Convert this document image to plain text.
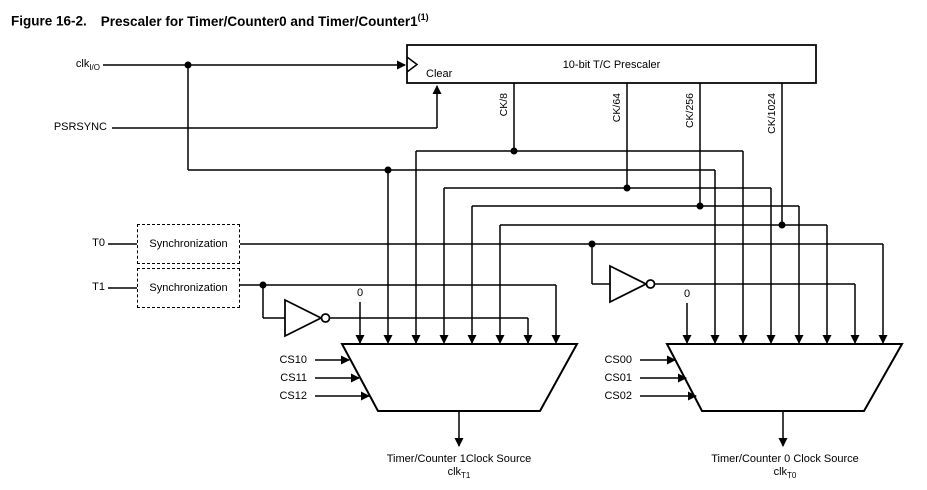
Figure 16-2. Prescaler for Timer/Counter0 and Timer/Counter1$^{(1)}$
clk$_{I/O}$
PSRSYNC
T0
T1
Synchronization
Synchronization
10-bit T/C Prescaler
Clear
CK/8	CK/64	CK/256	CK/1024
0	0
CS10
CS11
CS12
CS00
CS01
CS02
Timer/Counter 1Clock Source
clk$_{T1}$
Timer/Counter 0 Clock Source
clk$_{T0}$
